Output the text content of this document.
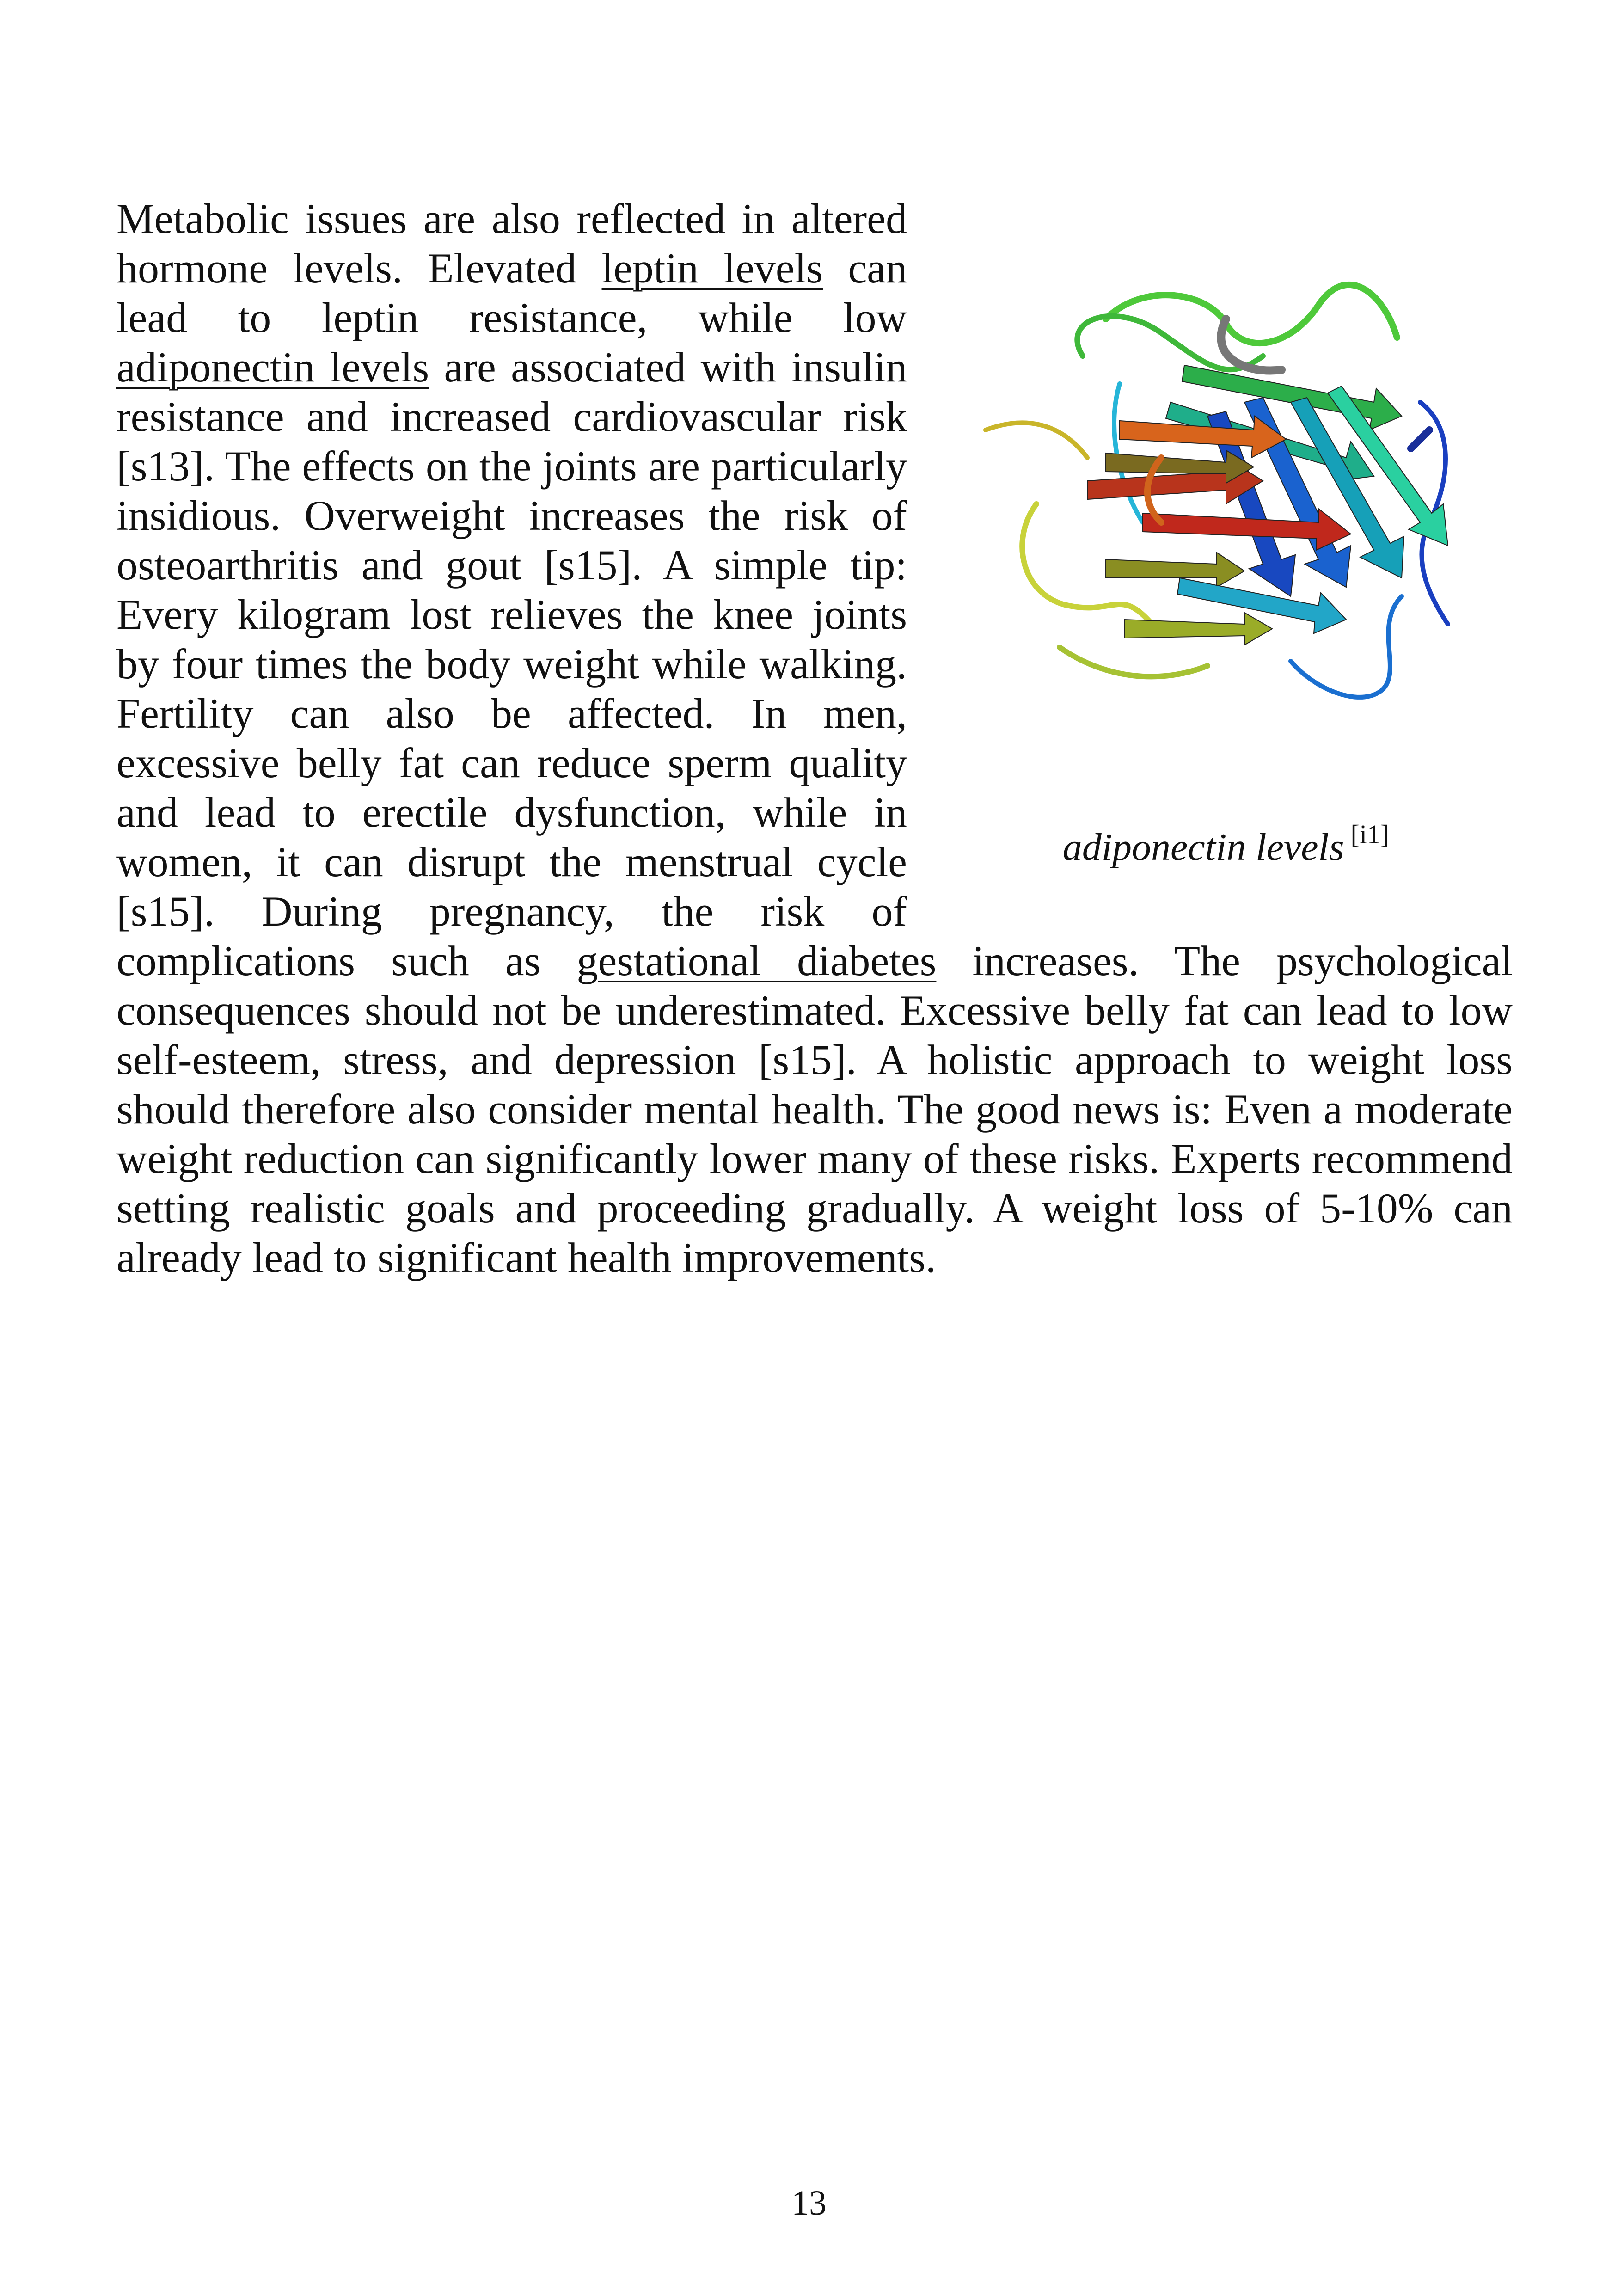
adiponectin levels [i1]
Metabolic issues are also reflected in altered hormone levels. Elevated leptin levels can lead to leptin resistance, while low adiponectin levels are associated with insulin resistance and increased cardiovascular risk [s13]. The effects on the joints are particularly insidious. Overweight increases the risk of osteoarthritis and gout [s15]. A simple tip: Every kilogram lost relieves the knee joints by four times the body weight while walking. Fertility can also be affected. In men, excessive belly fat can reduce sperm quality and lead to erectile dysfunction, while in women, it can disrupt the menstrual cycle [s15]. During pregnancy, the risk of complications such as gestational diabetes increases. The psychological consequences should not be underestimated. Excessive belly fat can lead to low self-esteem, stress, and depression [s15]. A holistic approach to weight loss should therefore also consider mental health. The good news is: Even a moderate weight reduction can significantly lower many of these risks. Experts recommend setting realistic goals and proceeding gradually. A weight loss of 5-10% can already lead to significant health improvements.

13
